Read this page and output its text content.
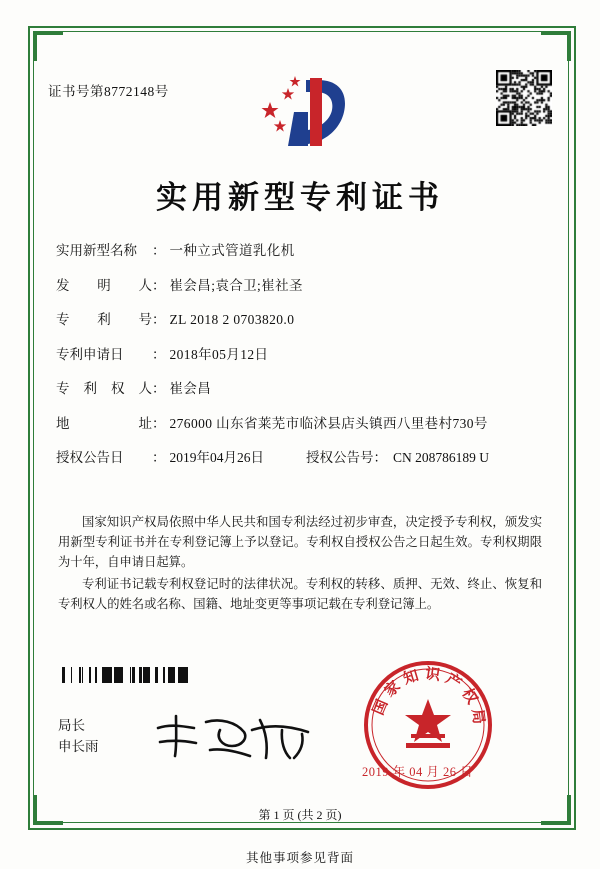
证书号第8772148号
实用新型专利证书
实用新型名称 ： 一种立式管道乳化机
发 明 人 ： 崔会昌;袁合卫;崔社圣
专 利 号 ： ZL 2018 2 0703820.0
专利申请日 ： 2018年05月12日
专 利 权 人 ： 崔会昌
地	址 ： 276000 山东省莱芜市临沭县店头镇西八里巷村730号
授权公告日 ： 2019年04月26日	授权公告号： CN 208786189 U

国家知识产权局依照中华人民共和国专利法经过初步审查，决定授予专利权，颁发实用新型专利证书并在专利登记簿上予以登记。专利权自授权公告之日起生效。专利权期限为十年，自申请日起算。

专利证书记载专利权登记时的法律状况。专利权的转移、质押、无效、终止、恢复和专利权人的姓名或名称、国籍、地址变更等事项记载在专利登记簿上。

局长
申长雨
国家知识产权局
2019 年 04 月 26 日
第 1 页 (共 2 页)
其他事项参见背面
